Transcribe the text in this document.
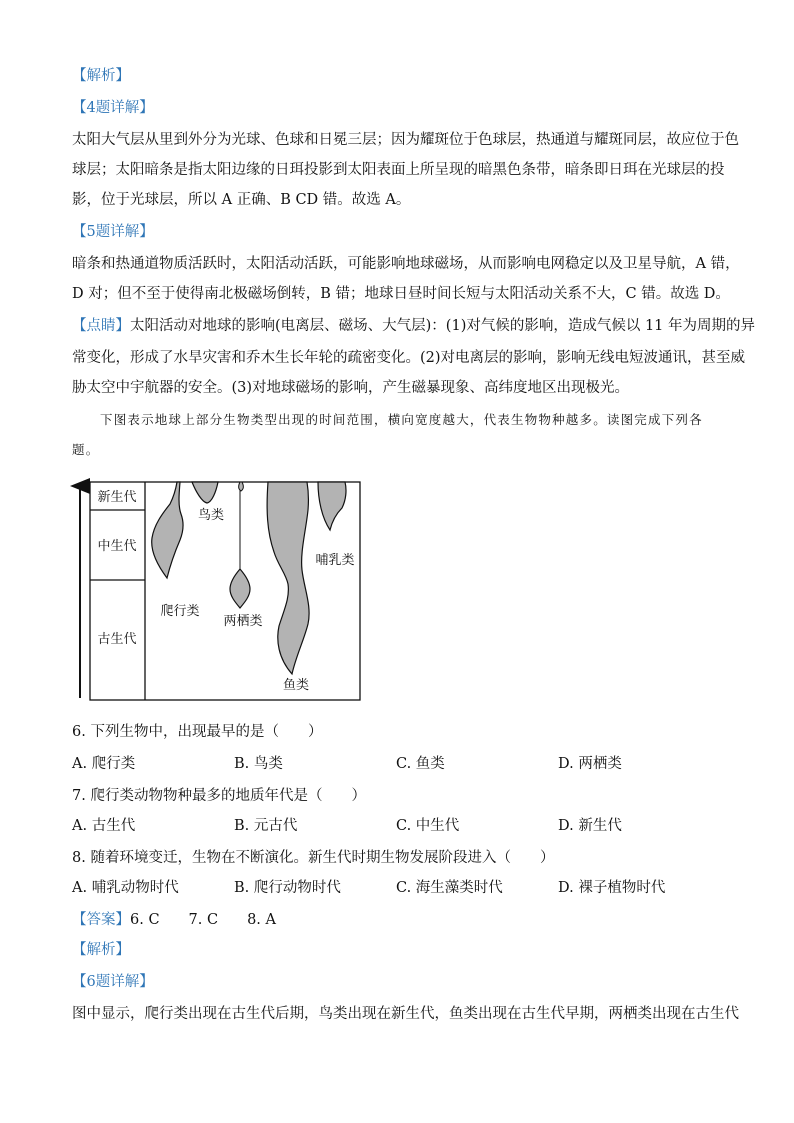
【解析】
【4题详解】
太阳大气层从里到外分为光球、色球和日冕三层；因为耀斑位于色球层，热通道与耀斑同层，故应位于色
球层；太阳暗条是指太阳边缘的日珥投影到太阳表面上所呈现的暗黑色条带，暗条即日珥在光球层的投
影，位于光球层，所以 A 正确、B CD 错。故选 A。
【5题详解】
暗条和热通道物质活跃时，太阳活动活跃，可能影响地球磁场，从而影响电网稳定以及卫星导航，A 错，
D 对；但不至于使得南北极磁场倒转，B 错；地球日昼时间长短与太阳活动关系不大，C 错。故选 D。
【点睛】太阳活动对地球的影响(电离层、磁场、大气层)：(1)对气候的影响，造成气候以 11 年为周期的异
常变化，形成了水旱灾害和乔木生长年轮的疏密变化。(2)对电离层的影响，影响无线电短波通讯，甚至威
胁太空中宇航器的安全。(3)对地球磁场的影响，产生磁暴现象、高纬度地区出现极光。
下图表示地球上部分生物类型出现的时间范围，横向宽度越大，代表生物物种越多。读图完成下列各
题。
新生代
中生代
古生代
鸟类
哺乳类
爬行类
两栖类
鱼类
6. 下列生物中，出现最早的是（　　）
A. 爬行类	B. 鸟类	C. 鱼类	D. 两栖类
7. 爬行类动物物种最多的地质年代是（　　）
A. 古生代	B. 元古代	C. 中生代	D. 新生代
8. 随着环境变迁，生物在不断演化。新生代时期生物发展阶段进入（　　）
A. 哺乳动物时代	B. 爬行动物时代	C. 海生藻类时代	D. 裸子植物时代
【答案】6. C　　7. C　　8. A
【解析】
【6题详解】
图中显示，爬行类出现在古生代后期，鸟类出现在新生代，鱼类出现在古生代早期，两栖类出现在古生代
